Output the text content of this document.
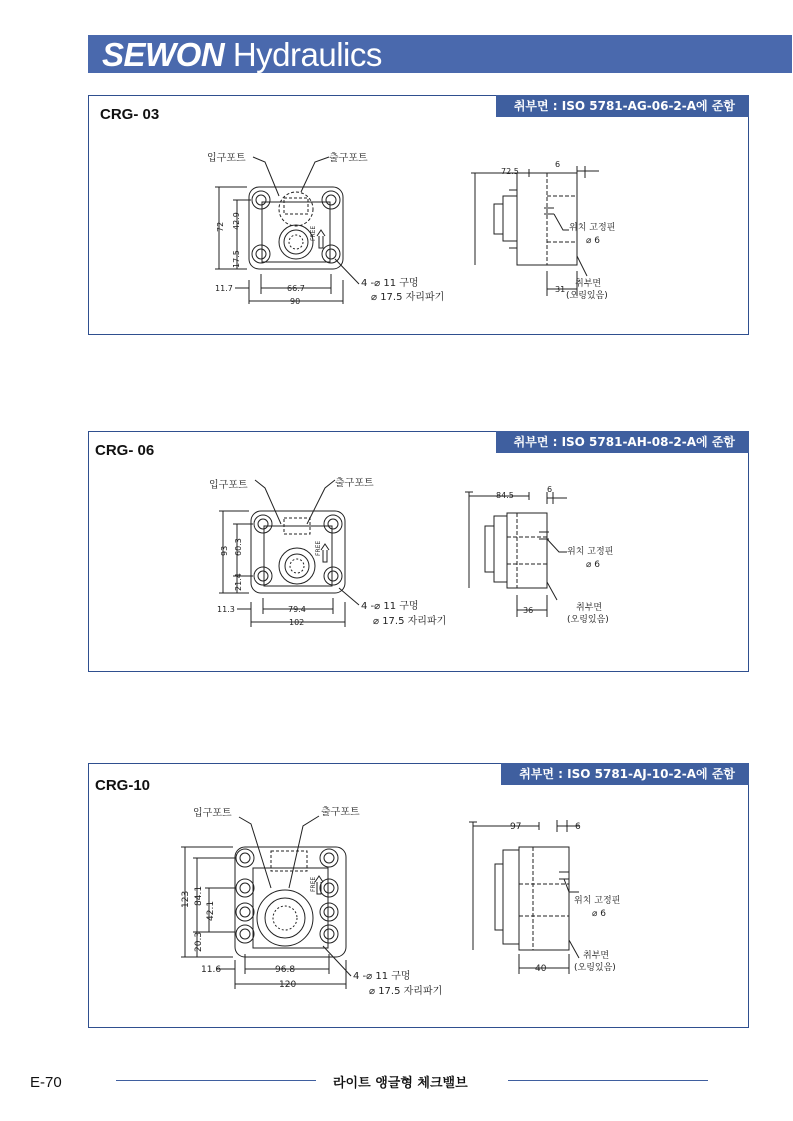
SEWON Hydraulics
CRG- 03	취부면 : ISO 5781-AG-06-2-A에 준함
입구포트	출구포트
FREE
72 42.9
17.5
11.7	66.7
90
4 -⌀ 11 구멍
⌀ 17.5 자리파기
72.5
6
31
위치 고정핀
⌀ 6
취부면
(오링있음)
CRG- 06	취부면 : ISO 5781-AH-08-2-A에 준함
입구포트	출구포트
FREE
93 60.3
21.4
11.3	79.4
102
4 -⌀ 11 구멍
⌀ 17.5 자리파기
84.5
6
36
위치 고정핀
⌀ 6
취부면
(오링있음)
CRG-10
취부면 : ISO 5781-AJ-10-2-A에 준함
입구포트	출구포트
FREE
123 84.1
42.1
20.3
11.6	96.8
120
4 -⌀ 11 구멍
⌀ 17.5 자리파기
97	6
40
위치 고정핀
⌀ 6
취부면
(오링있음)
E-70	라이트 앵글형 체크밸브
